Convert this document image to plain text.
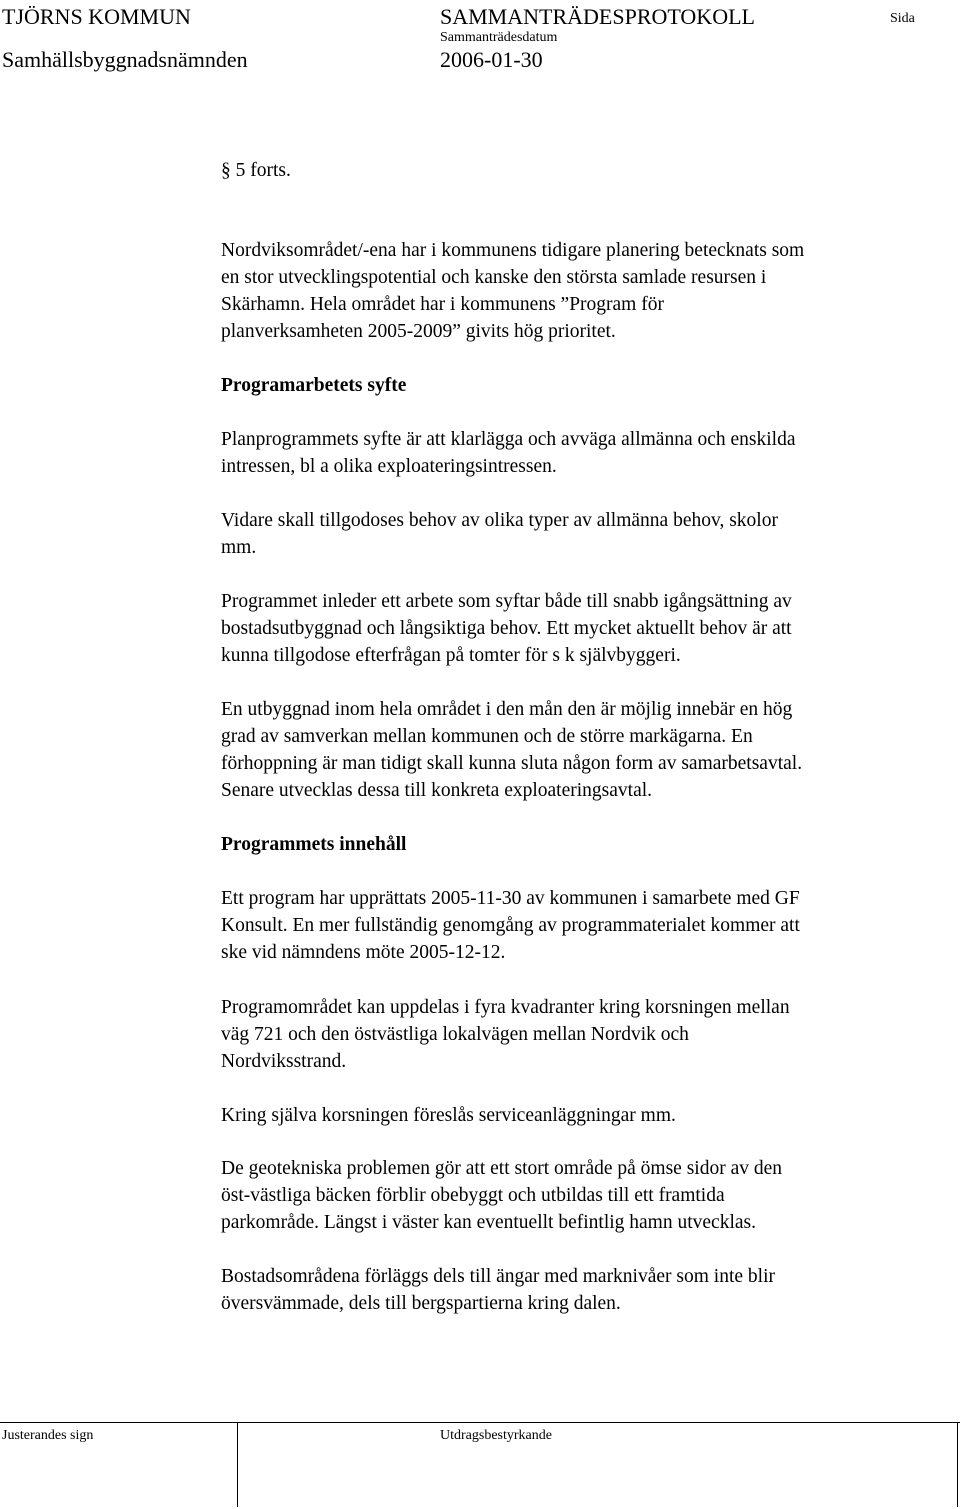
TJÖRNS KOMMUN	SAMMANTRÄDESPROTOKOLL	Sida
Sammanträdesdatum
Samhällsbyggnadsnämnden	2006-01-30
§ 5 forts.
Nordviksområdet/-ena har i kommunens tidigare planering betecknats som
en stor utvecklingspotential och kanske den största samlade resursen i
Skärhamn. Hela området har i kommunens ”Program för
planverksamheten 2005-2009” givits hög prioritet.
Programarbetets syfte
Planprogrammets syfte är att klarlägga och avväga allmänna och enskilda
intressen, bl a olika exploateringsintressen.
Vidare skall tillgodoses behov av olika typer av allmänna behov, skolor
mm.
Programmet inleder ett arbete som syftar både till snabb igångsättning av
bostadsutbyggnad och långsiktiga behov. Ett mycket aktuellt behov är att
kunna tillgodose efterfrågan på tomter för s k självbyggeri.
En utbyggnad inom hela området i den mån den är möjlig innebär en hög
grad av samverkan mellan kommunen och de större markägarna. En
förhoppning är man tidigt skall kunna sluta någon form av samarbetsavtal.
Senare utvecklas dessa till konkreta exploateringsavtal.
Programmets innehåll
Ett program har upprättats 2005-11-30 av kommunen i samarbete med GF
Konsult. En mer fullständig genomgång av programmaterialet kommer att
ske vid nämndens möte 2005-12-12.
Programområdet kan uppdelas i fyra kvadranter kring korsningen mellan
väg 721 och den östvästliga lokalvägen mellan Nordvik och
Nordviksstrand.
Kring själva korsningen föreslås serviceanläggningar mm.
De geotekniska problemen gör att ett stort område på ömse sidor av den
öst-västliga bäcken förblir obebyggt och utbildas till ett framtida
parkområde. Längst i väster kan eventuellt befintlig hamn utvecklas.
Bostadsområdena förläggs dels till ängar med marknivåer som inte blir
översvämmade, dels till bergspartierna kring dalen.
Justerandes sign	Utdragsbestyrkande
